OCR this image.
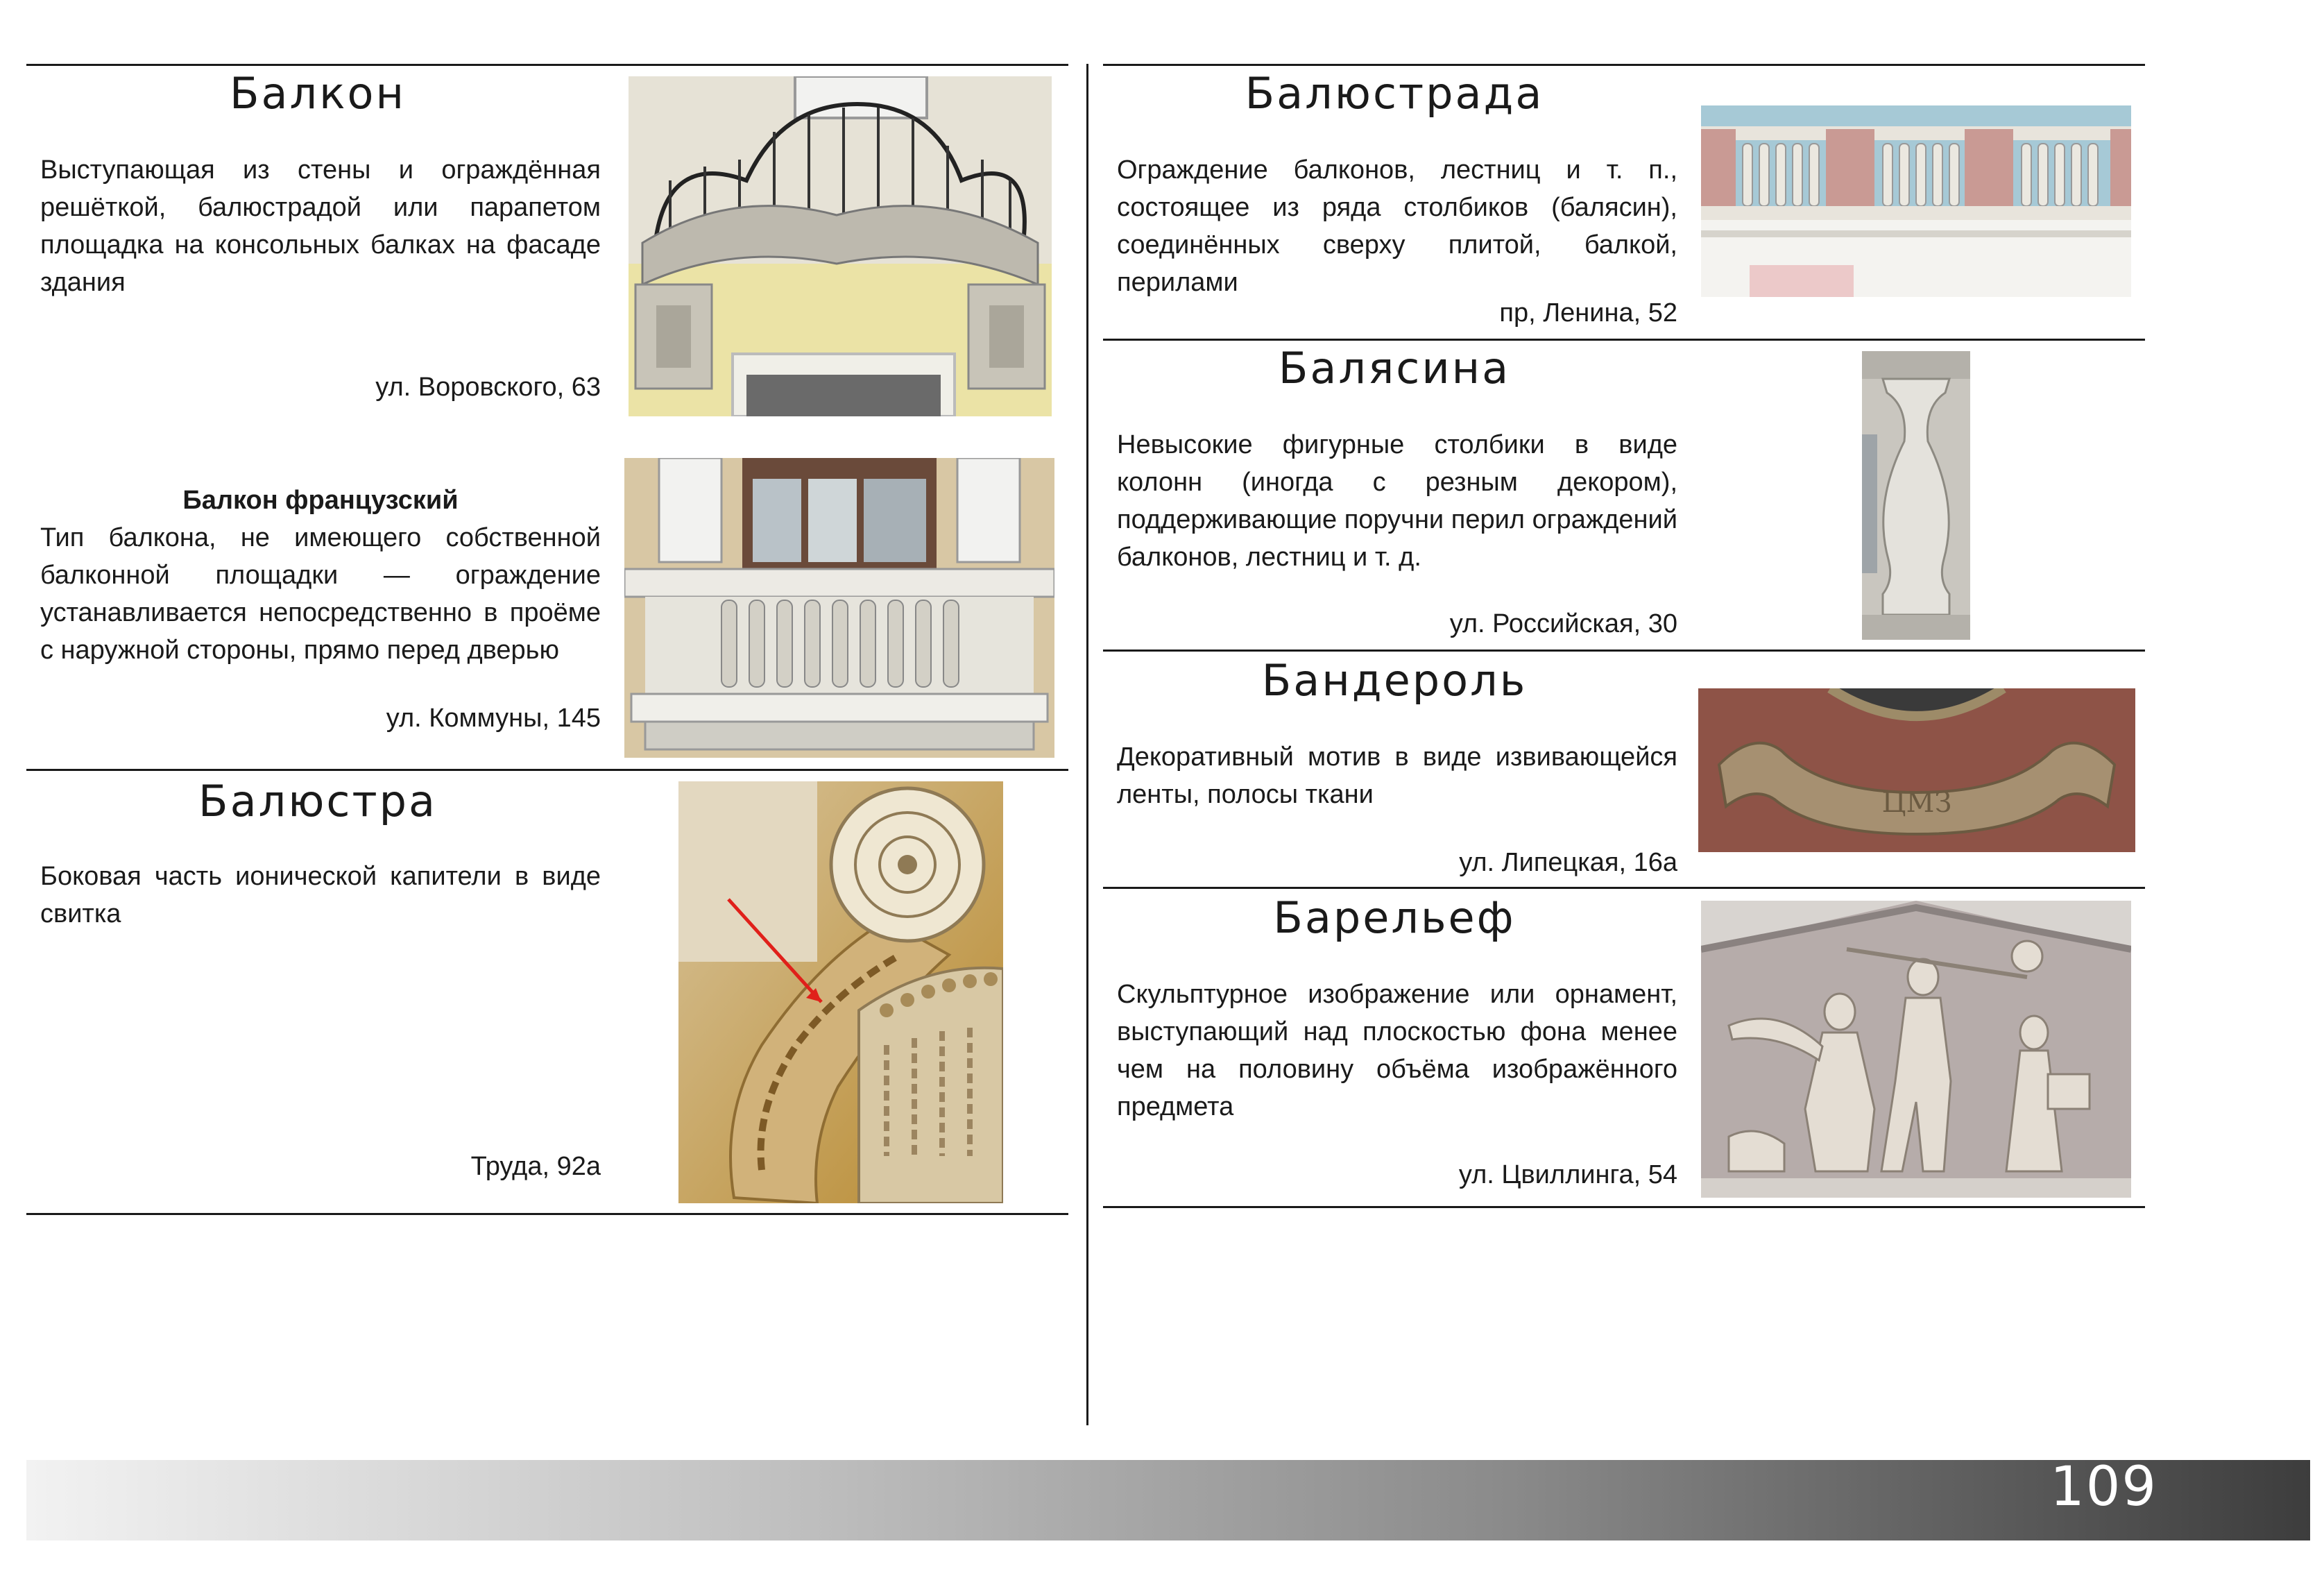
Балкон
Выступающая из стены и ограждённая решёткой, балюстрадой или парапетом площадка на консольных балках на фасаде здания
ул. Воровского, 63
Балкон французский
Тип балкона, не имеющего собственной балконной площадки — ограждение устанавливается непосредственно в проёме с наружной стороны, прямо перед дверью
ул. Коммуны, 145
Балюстра
Боковая часть ионической капители в виде свитка
Труда, 92а
Балюстрада
Ограждение балконов, лестниц и т. п., состоящее из ряда столбиков (балясин), соединённых сверху плитой, балкой, перилами
пр, Ленина, 52
Балясина
Невысокие фигурные столбики в виде колонн (иногда с резным декором), поддерживающие поручни перил ограждений балконов, лестниц и т. д.
ул. Российская, 30
Бандероль
Декоративный мотив в виде извивающейся ленты, полосы ткани
ул. Липецкая, 16а
ЦМЗ
Барельеф
Скульптурное изображение или орнамент, выступающий над плоскостью фона менее чем на половину объёма изображённого предмета
ул. Цвиллинга, 54
109
